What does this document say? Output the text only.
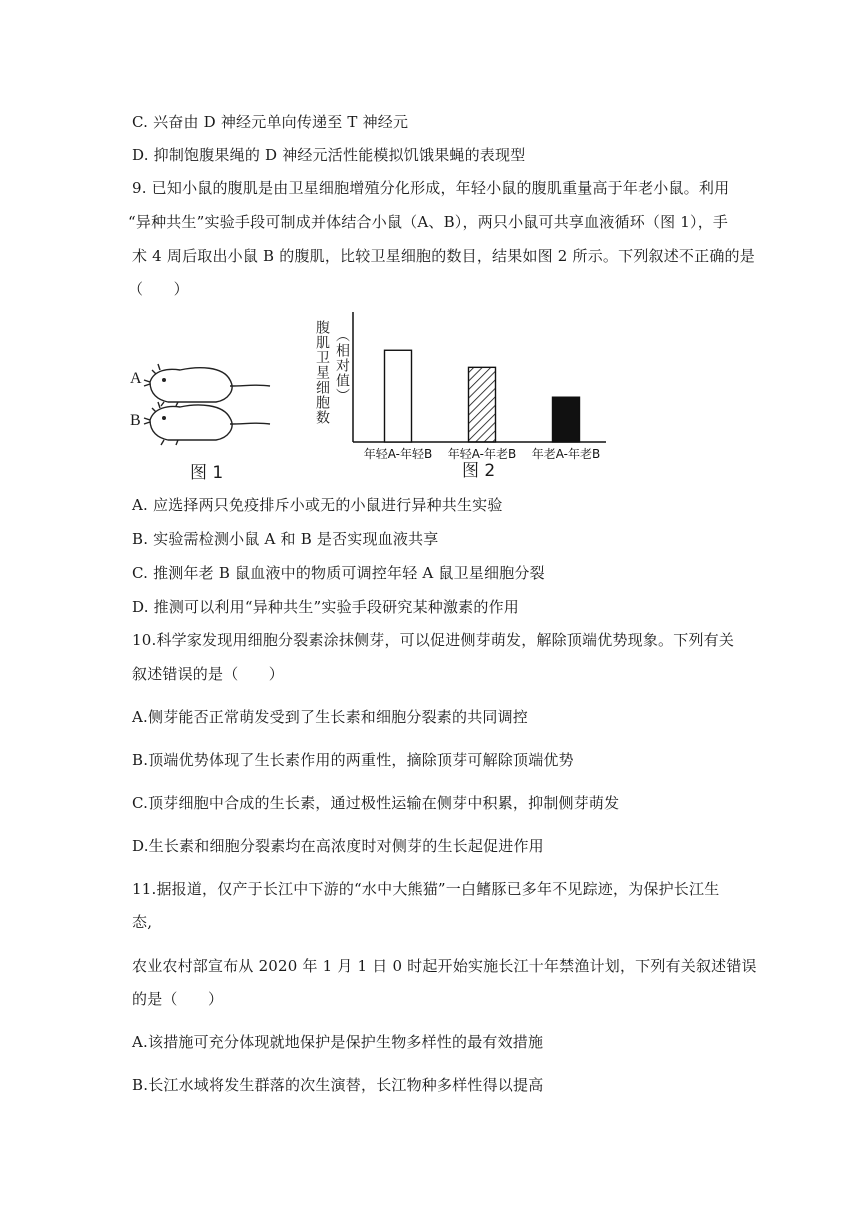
C. 兴奋由 D 神经元单向传递至 T 神经元
D. 抑制饱腹果绳的 D 神经元活性能模拟饥饿果蝇的表现型
9. 已知小鼠的腹肌是由卫星细胞增殖分化形成，年轻小鼠的腹肌重量高于年老小鼠。利用
“异种共生”实验手段可制成并体结合小鼠（A、B），两只小鼠可共享血液循环（图 1），手
术 4 周后取出小鼠 B 的腹肌，比较卫星细胞的数目，结果如图 2 所示。下列叙述不正确的是
（　　）
A
B
图 1
腹肌卫星细胞数 （相对值）
年轻A-年轻B 年轻A-年老B 年老A-年老B
图 2
A. 应选择两只免疫排斥小或无的小鼠进行异种共生实验
B. 实验需检测小鼠 A 和 B 是否实现血液共享
C. 推测年老 B 鼠血液中的物质可调控年轻 A 鼠卫星细胞分裂
D. 推测可以利用“异种共生”实验手段研究某种激素的作用
10.科学家发现用细胞分裂素涂抹侧芽，可以促进侧芽萌发，解除顶端优势现象。下列有关
叙述错误的是（　　）
A.侧芽能否正常萌发受到了生长素和细胞分裂素的共同调控
B.顶端优势体现了生长素作用的两重性，摘除顶芽可解除顶端优势
C.顶芽细胞中合成的生长素，通过极性运输在侧芽中积累，抑制侧芽萌发
D.生长素和细胞分裂素均在高浓度时对侧芽的生长起促进作用
11.据报道，仅产于长江中下游的“水中大熊猫”一白鳍豚已多年不见踪迹，为保护长江生
态,
农业农村部宣布从 2020 年 1 月 1 日 0 时起开始实施长江十年禁渔计划，下列有关叙述错误
的是（　　）
A.该措施可充分体现就地保护是保护生物多样性的最有效措施
B.长江水域将发生群落的次生演替，长江物种多样性得以提高
